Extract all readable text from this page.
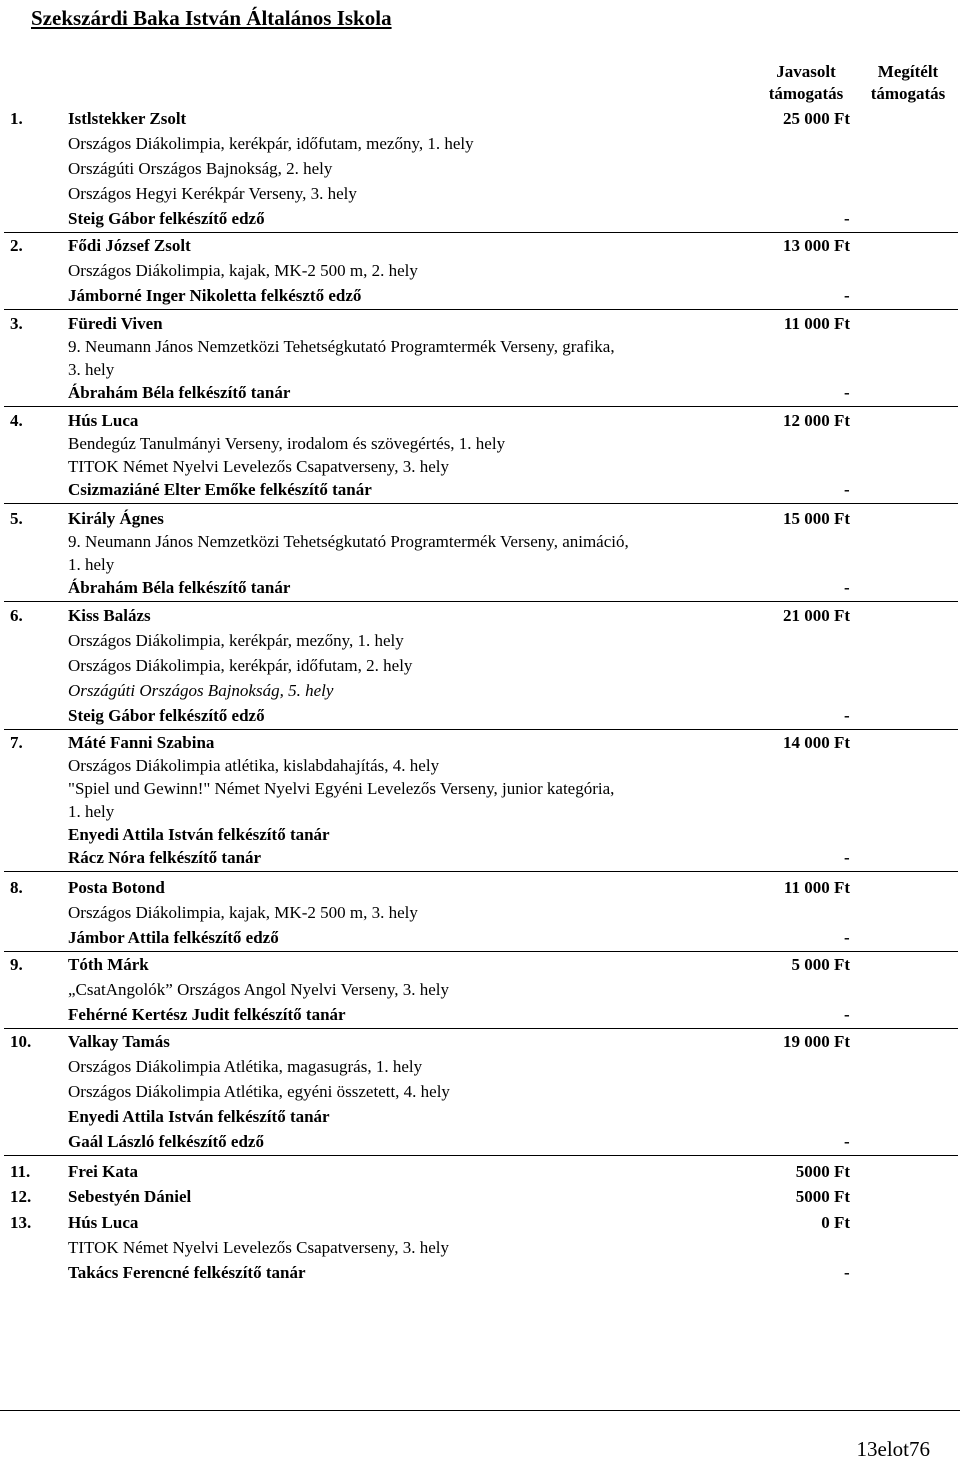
Szekszárdi Baka István Általános Iskola
Javasolt
támogatás
Megítélt
támogatás
1.	Istlstekker Zsolt	25 000 Ft
Országos Diákolimpia, kerékpár, időfutam, mezőny, 1. hely
Országúti Országos Bajnokság, 2. hely
Országos Hegyi Kerékpár Verseny, 3. hely
Steig Gábor felkészítő edző	-
2.	Fődi József Zsolt	13 000 Ft
Országos Diákolimpia, kajak, MK-2 500 m, 2. hely
Jámborné Inger Nikoletta felkésztő edző	-
3.	Füredi Viven	11 000 Ft
9. Neumann János Nemzetközi Tehetségkutató Programtermék Verseny, grafika,
3. hely
Ábrahám Béla felkészítő tanár	-
4.	Hús Luca	12 000 Ft
Bendegúz Tanulmányi Verseny, irodalom és szövegértés, 1. hely
TITOK Német Nyelvi Levelezős Csapatverseny, 3. hely
Csizmaziáné Elter Emőke felkészítő tanár	-
5.	Király Ágnes	15 000 Ft
9. Neumann János Nemzetközi Tehetségkutató Programtermék Verseny, animáció,
1. hely
Ábrahám Béla felkészítő tanár	-
6.	Kiss Balázs	21 000 Ft
Országos Diákolimpia, kerékpár, mezőny, 1. hely
Országos Diákolimpia, kerékpár, időfutam, 2. hely
Országúti Országos Bajnokság, 5. hely
Steig Gábor felkészítő edző	-
7.	Máté Fanni Szabina	14 000 Ft
Országos Diákolimpia atlétika, kislabdahajítás, 4. hely
"Spiel und Gewinn!" Német Nyelvi Egyéni Levelezős Verseny, junior kategória,
1. hely
Enyedi Attila István felkészítő tanár
Rácz Nóra felkészítő tanár	-
8.	Posta Botond	11 000 Ft
Országos Diákolimpia, kajak, MK-2 500 m, 3. hely
Jámbor Attila felkészítő edző	-
9.	Tóth Márk	5 000 Ft
„CsatAngolók” Országos Angol Nyelvi Verseny, 3. hely
Fehérné Kertész Judit felkészítő tanár	-
10. Valkay Tamás	19 000 Ft
Országos Diákolimpia Atlétika, magasugrás, 1. hely
Országos Diákolimpia Atlétika, egyéni összetett, 4. hely
Enyedi Attila István felkészítő tanár
Gaál László felkészítő edző	-
11. Frei Kata	5000 Ft
12. Sebestyén Dániel	5000 Ft
13. Hús Luca	0 Ft
TITOK Német Nyelvi Levelezős Csapatverseny, 3. hely
Takács Ferencné felkészítő tanár	-
13elot76
